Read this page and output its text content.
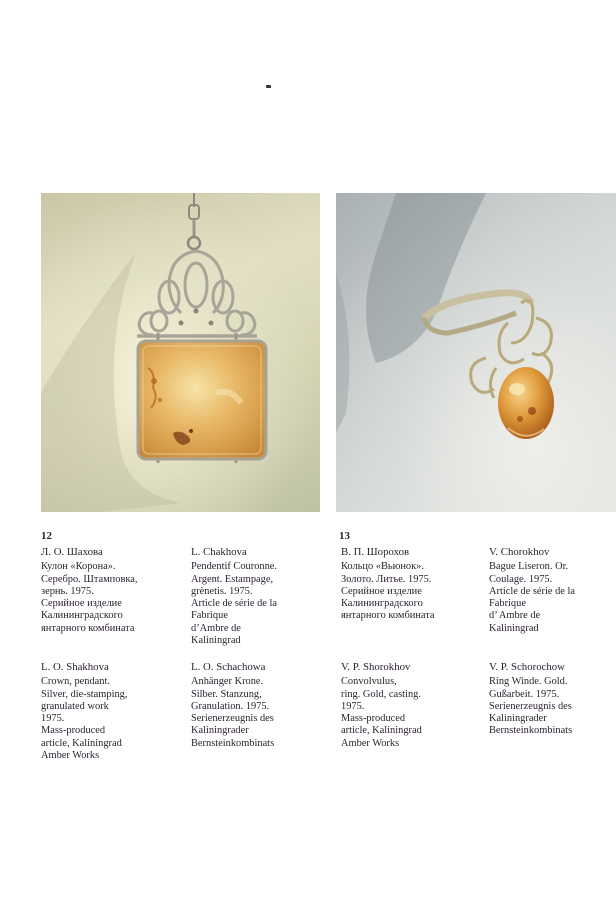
12	13
Л. О. Шахова
Кулон «Корона».
Серебро. Штамповка,
зернь. 1975.
Серийное изделие
Калининградского
янтарного комбината
L. Chakhova
Pendentif Couronne.
Argent. Estampage,
grènetis. 1975.
Article de série de la
Fabrique
d’Ambre de
Kaliningrad
В. П. Шорохов
Кольцо «Вьюнок».
Золото. Литье. 1975.
Серийное изделие
Калининградского
янтарного комбината
V. Chorokhov
Bague Liseron. Or.
Coulage. 1975.
Article de série de la
Fabrique
d’ Ambre de
Kaliningrad
L. O. Shakhova
Crown, pendant.
Silver, die-stamping,
granulated work
1975.
Mass-produced
article, Kaliningrad
Amber Works
L. O. Schachowa
Anhänger Krone.
Silber. Stanzung,
Granulation. 1975.
Serienerzeugnis des
Kaliningrader
Bernsteinkombinats
V. P. Shorokhov
Convolvulus,
ring. Gold, casting.
1975.
Mass-produced
article, Kaliningrad
Amber Works
V. P. Schorochow
Ring Winde. Gold.
Gußarbeit. 1975.
Serienerzeugnis des
Kaliningrader
Bernsteinkombinats
